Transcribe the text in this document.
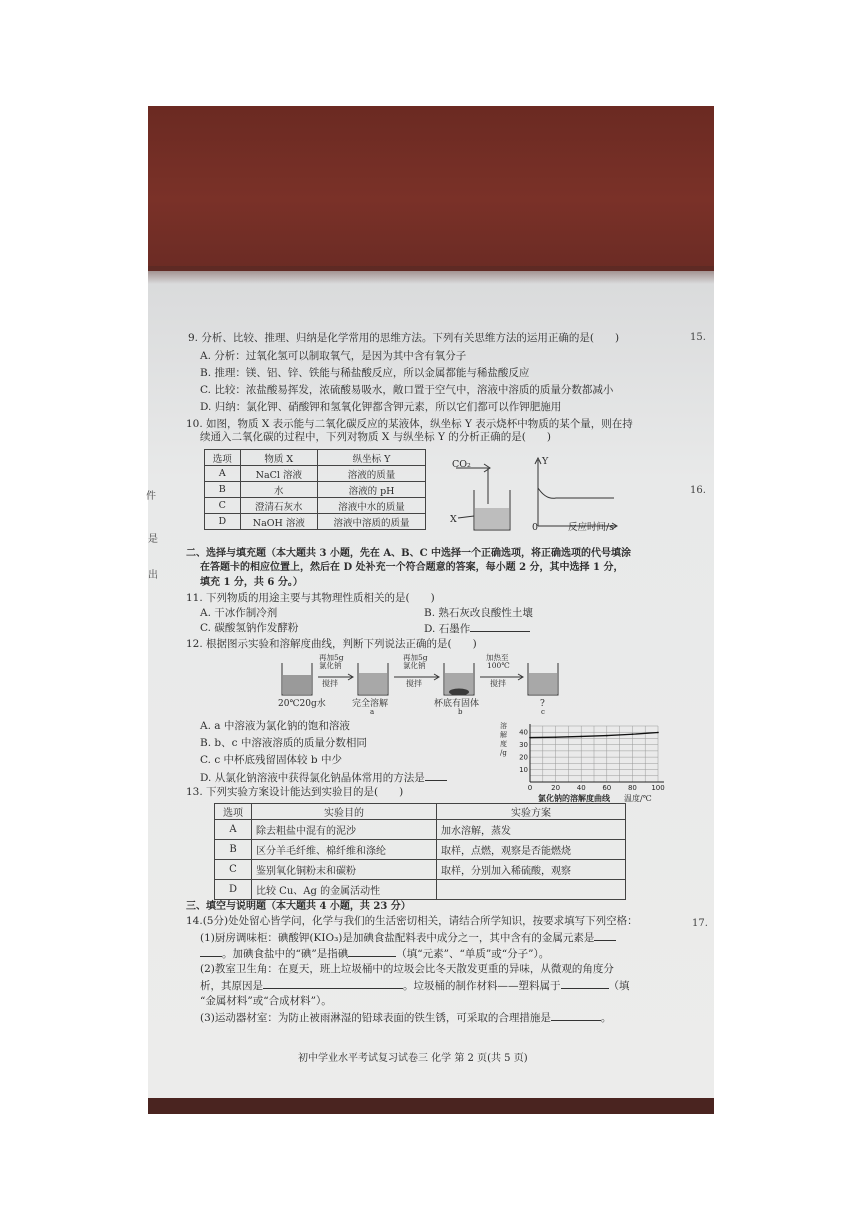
15.
16.
17.
件
是
出
9. 分析、比较、推理、归纳是化学常用的思维方法。下列有关思维方法的运用正确的是(　　)
A. 分析：过氧化氢可以制取氧气，是因为其中含有氧分子
B. 推理：镁、铝、锌、铁能与稀盐酸反应，所以金属都能与稀盐酸反应
C. 比较：浓盐酸易挥发，浓硫酸易吸水，敞口置于空气中，溶液中溶质的质量分数都减小
D. 归纳：氯化钾、硝酸钾和氢氧化钾都含钾元素，所以它们都可以作钾肥施用
10. 如图，物质 X 表示能与二氧化碳反应的某液体，纵坐标 Y 表示烧杯中物质的某个量，则在持
续通入二氧化碳的过程中，下列对物质 X 与纵坐标 Y 的分析正确的是(　　)
选项	物质 X	纵坐标 Y
A	NaCl 溶液	溶液的质量
B	水	溶液的 pH
C	澄清石灰水	溶液中水的质量
D	NaOH 溶液	溶液中溶质的质量
CO₂
X
Y
0	反应时间/s
二、选择与填充题（本大题共 3 小题，先在 A、B、C 中选择一个正确选项，将正确选项的代号填涂
在答题卡的相应位置上，然后在 D 处补充一个符合题意的答案，每小题 2 分，其中选择 1 分，
填充 1 分，共 6 分。）
11. 下列物质的用途主要与其物理性质相关的是(　　)
A. 干冰作制冷剂	B. 熟石灰改良酸性土壤
C. 碳酸氢钠作发酵粉	D. 石墨作
12. 根据图示实验和溶解度曲线，判断下列说法正确的是(　　)
再加5g
氯化钠
搅拌
再加5g
氯化钠
搅拌
加热至
100℃
搅拌
20℃20g水	完全溶解
a
杯底有固体
b
?
c
A. a 中溶液为氯化钠的饱和溶液
B. b、c 中溶液溶质的质量分数相同
C. c 中杯底残留固体较 b 中少
D. 从氯化钠溶液中获得氯化钠晶体常用的方法是
溶
解
度
/g
0	20 40 60 80 100
10
20
30
40
氯化钠的溶解度曲线 温度/℃
13. 下列实验方案设计能达到实验目的是(　　)
选项	实验目的	实验方案
A	除去粗盐中混有的泥沙	加水溶解，蒸发
B	区分羊毛纤维、棉纤维和涤纶	取样，点燃，观察是否能燃烧
C	鉴别氧化铜粉末和碳粉	取样，分别加入稀硫酸，观察
D	比较 Cu、Ag 的金属活动性	
三、填空与说明题（本大题共 4 小题，共 23 分）
14.(5分)处处留心皆学问，化学与我们的生活密切相关，请结合所学知识，按要求填写下列空格：
(1)厨房调味柜：碘酸钾(KIO₃)是加碘食盐配料表中成分之一，其中含有的金属元素是
。加碘食盐中的“碘”是指碘	（填“元素”、“单质”或“分子”）。
(2)教室卫生角：在夏天，班上垃圾桶中的垃圾会比冬天散发更重的异味，从微观的角度分
析，其原因是	。垃圾桶的制作材料——塑料属于	（填
“金属材料”或“合成材料”）。
(3)运动器材室：为防止被雨淋湿的铅球表面的铁生锈，可采取的合理措施是	。
初中学业水平考试复习试卷三 化学 第 2 页(共 5 页)
